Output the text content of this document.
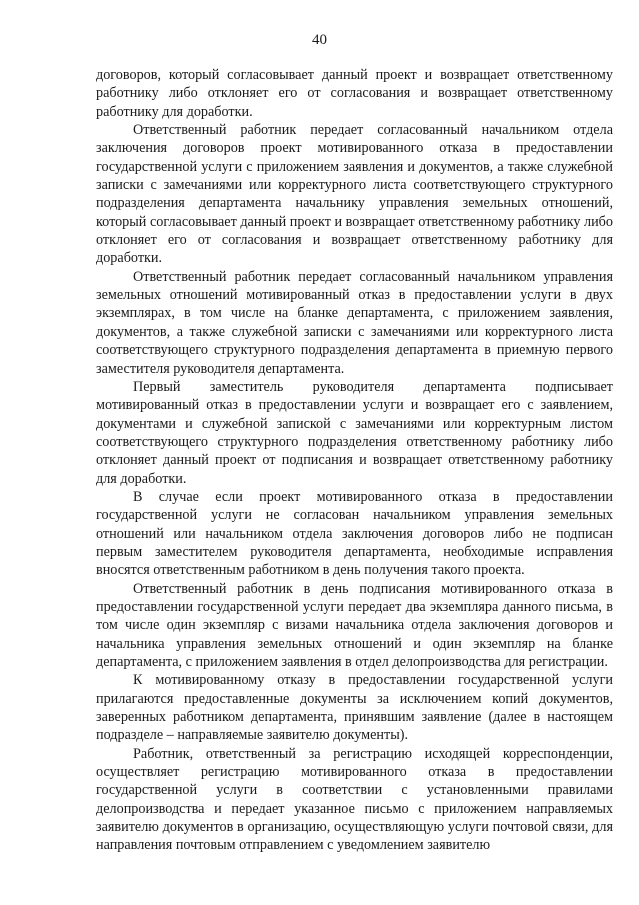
40

договоров, который согласовывает данный проект и возвращает ответственному работнику либо отклоняет его от согласования и возвращает ответственному работнику для доработки.

Ответственный работник передает согласованный начальником отдела заключения договоров проект мотивированного отказа в предоставлении государственной услуги с приложением заявления и документов, а также служебной записки с замечаниями или корректурного листа соответствующего структурного подразделения департамента начальнику управления земельных отношений, который согласовывает данный проект и возвращает ответственному работнику либо отклоняет его от согласования и возвращает ответственному работнику для доработки.

Ответственный работник передает согласованный начальником управления земельных отношений мотивированный отказ в предоставлении услуги в двух экземплярах, в том числе на бланке департамента, с приложением заявления, документов, а также служебной записки с замечаниями или корректурного листа соответствующего структурного подразделения департамента в приемную первого заместителя руководителя департамента.

Первый заместитель руководителя департамента подписывает мотивированный отказ в предоставлении услуги и возвращает его с заявлением, документами и служебной запиской с замечаниями или корректурным листом соответствующего структурного подразделения ответственному работнику либо отклоняет данный проект от подписания и возвращает ответственному работнику для доработки.

В случае если проект мотивированного отказа в предоставлении государственной услуги не согласован начальником управления земельных отношений или начальником отдела заключения договоров либо не подписан первым заместителем руководителя департамента, необходимые исправления вносятся ответственным работником в день получения такого проекта.

Ответственный работник в день подписания мотивированного отказа в предоставлении государственной услуги передает два экземпляра данного письма, в том числе один экземпляр с визами начальника отдела заключения договоров и начальника управления земельных отношений и один экземпляр на бланке департамента, с приложением заявления в отдел делопроизводства для регистрации.

К мотивированному отказу в предоставлении государственной услуги прилагаются предоставленные документы за исключением копий документов, заверенных работником департамента, принявшим заявление (далее в настоящем подразделе – направляемые заявителю документы).

Работник, ответственный за регистрацию исходящей корреспонденции, осуществляет регистрацию мотивированного отказа в предоставлении государственной услуги в соответствии с установленными правилами делопроизводства и передает указанное письмо с приложением направляемых заявителю документов в организацию, осуществляющую услуги почтовой связи, для направления почтовым отправлением с уведомлением заявителю
